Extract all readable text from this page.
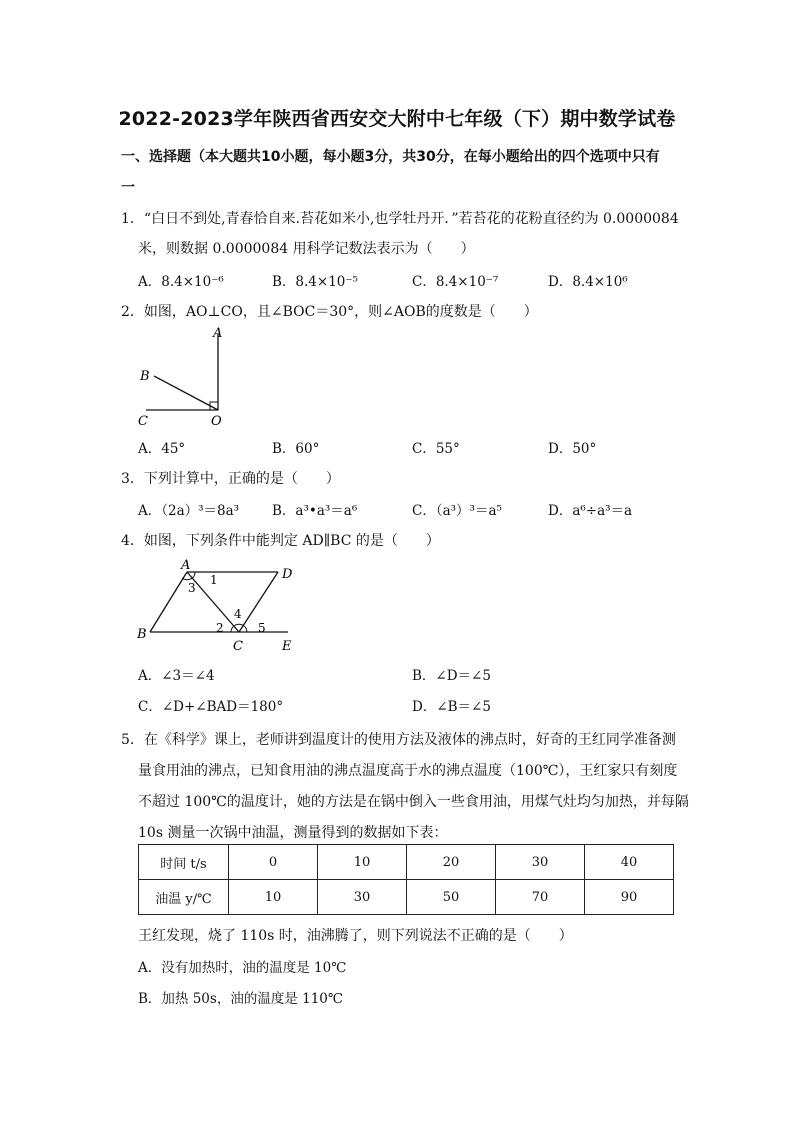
2022-2023学年陕西省西安交大附中七年级（下）期中数学试卷
一、选择题（本大题共10小题，每小题3分，共30分，在每小题给出的四个选项中只有
一
1．“白日不到处,青春恰自来.苔花如米小,也学牡丹开．”若苔花的花粉直径约为 0.0000084
米，则数据 0.0000084 用科学记数法表示为（　　）
A．8.4×10⁻⁶	B．8.4×10⁻⁵	C．8.4×10⁻⁷	D．8.4×10⁶
2．如图，AO⊥CO，且∠BOC＝30°，则∠AOB的度数是（　　）
A
B
C	O
A．45°	B．60°	C．55°	D．50°
3．下列计算中，正确的是（　　）
A．（2a）³＝8a³ B．a³•a³＝a⁶	C．（a³）³＝a⁵	D．a⁶÷a³＝a
4．如图，下列条件中能判定 AD∥BC 的是（　　）
A
D
B
C	E
1
3
2
4
5
A．∠3＝∠4	B．∠D＝∠5
C．∠D+∠BAD＝180°	D．∠B＝∠5
5．在《科学》课上，老师讲到温度计的使用方法及液体的沸点时，好奇的王红同学准备测
量食用油的沸点，已知食用油的沸点温度高于水的沸点温度（100℃），王红家只有刻度
不超过 100℃的温度计，她的方法是在锅中倒入一些食用油，用煤气灶均匀加热，并每隔
10s 测量一次锅中油温，测量得到的数据如下表：
时间 t/s	0	10	20	30	40
油温 y/℃	10	30	50	70	90
王红发现，烧了 110s 时，油沸腾了，则下列说法不正确的是（　　）
A．没有加热时，油的温度是 10℃
B．加热 50s，油的温度是 110℃
